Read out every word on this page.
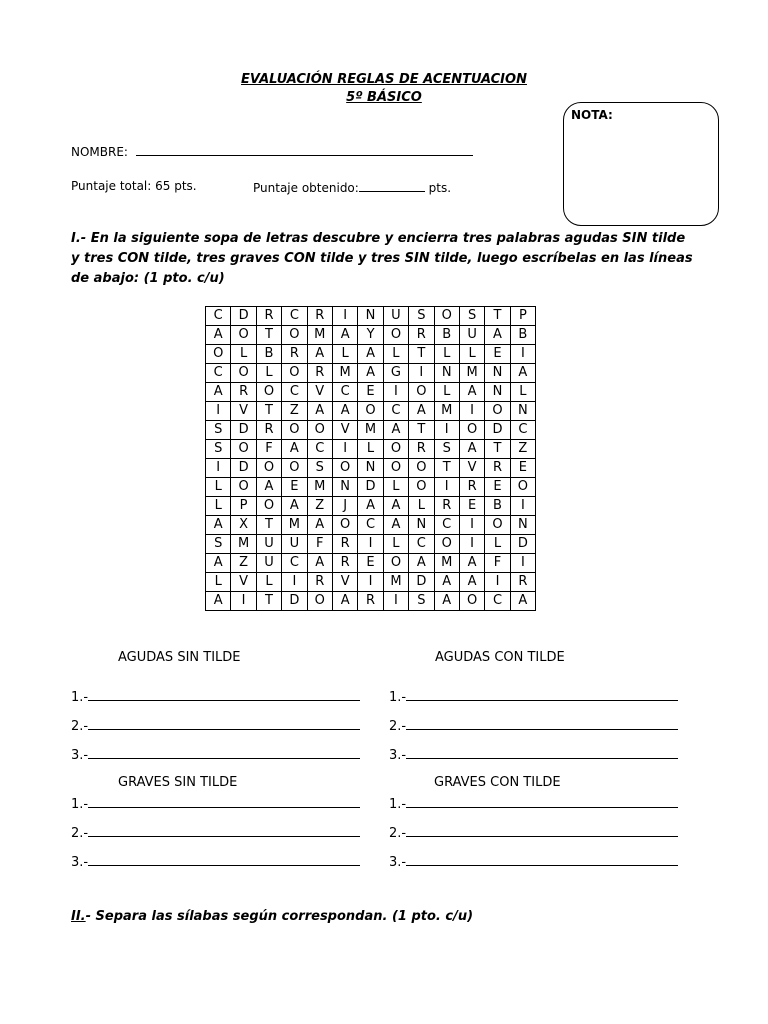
EVALUACIÓN REGLAS DE ACENTUACION
5º BÁSICO
NOTA:
NOMBRE:
Puntaje total: 65 pts.	Puntaje obtenido:	pts.
I.- En la siguiente sopa de letras descubre y encierra tres palabras agudas SIN tilde y tres CON tilde, tres graves CON tilde y tres SIN tilde, luego escríbelas en las líneas de abajo: (1 pto. c/u)
C	D	R	C	R	I	N	U	S	O	S	T	P
A	O	T	O	M	A	Y	O	R	B	U	A	B
O	L	B	R	A	L	A	L	T	L	L	E	I
C	O	L	O	R	M	A	G	I	N	M	N	A
A	R	O	C	V	C	E	I	O	L	A	N	L
I	V	T	Z	A	A	O	C	A	M	I	O	N
S	D	R	O	O	V	M	A	T	I	O	D	C
S	O	F	A	C	I	L	O	R	S	A	T	Z
I	D	O	O	S	O	N	O	O	T	V	R	E
L	O	A	E	M	N	D	L	O	I	R	E	O
L	P	O	A	Z	J	A	A	L	R	E	B	I
A	X	T	M	A	O	C	A	N	C	I	O	N
S	M	U	U	F	R	I	L	C	O	I	L	D
A	Z	U	C	A	R	E	O	A	M	A	F	I
L	V	L	I	R	V	I	M	D	A	A	I	R
A	I	T	D	O	A	R	I	S	A	O	C	A
AGUDAS SIN TILDE	AGUDAS CON TILDE
1.-
2.-
3.-
1.-
2.-
3.-
GRAVES SIN TILDE	GRAVES CON TILDE
1.-
2.-
3.-
1.-
2.-
3.-
II.- Separa las sílabas según correspondan. (1 pto. c/u)
